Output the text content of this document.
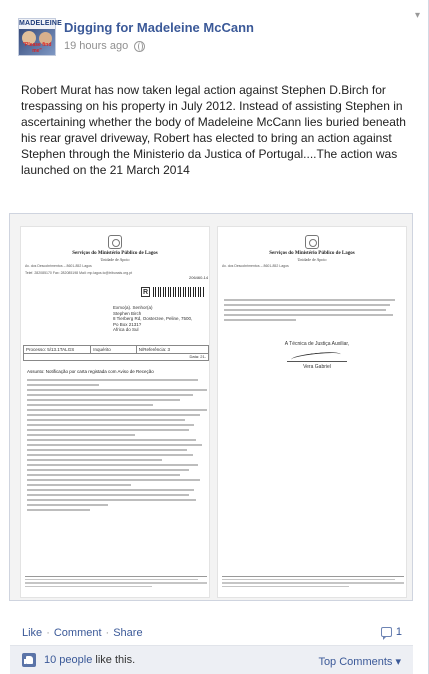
MADELEINE
"Please find me"
Digging for Madeleine McCann
19 hours ago
▾
Robert Murat has now taken legal action against Stephen D.Birch for trespassing on his property in July 2012. Instead of assisting Stephen in ascertaining whether the body of Madeleine McCann lies buried beneath his rear gravel driveway, Robert has elected to bring an action against Stephen through the Ministerio da Justica of Portugal....The action was launched on the 21 March 2014
Serviços do Ministério Público de Lagos
Unidade de Apoio
Av. dos Descobrimentos – 8601-852 Lagos
Telef. 282085170 Fax: 282085198 Mail: mp.lagos.tc@tribunais.org.pt
206460-14
R
Exmo(a). Senhor(a)
Stephen Birch
8 Tierberg Rd, Oosterzee, Peline, 7500,
Po Box 2131?
Africa do Sul
Processo: 5/13.1TALGS	Inquérito	N/Referência: 3
Data: 21-
Assunto: Notificação por carta registada com Aviso de Receção
Serviços do Ministério Público de Lagos
Unidade de Apoio
Av. dos Descobrimentos – 8601-852 Lagos
A Técnica de Justiça Auxiliar,
Vera Gabriel
Like · Comment · Share	1
10 people like this.	Top Comments ▾
